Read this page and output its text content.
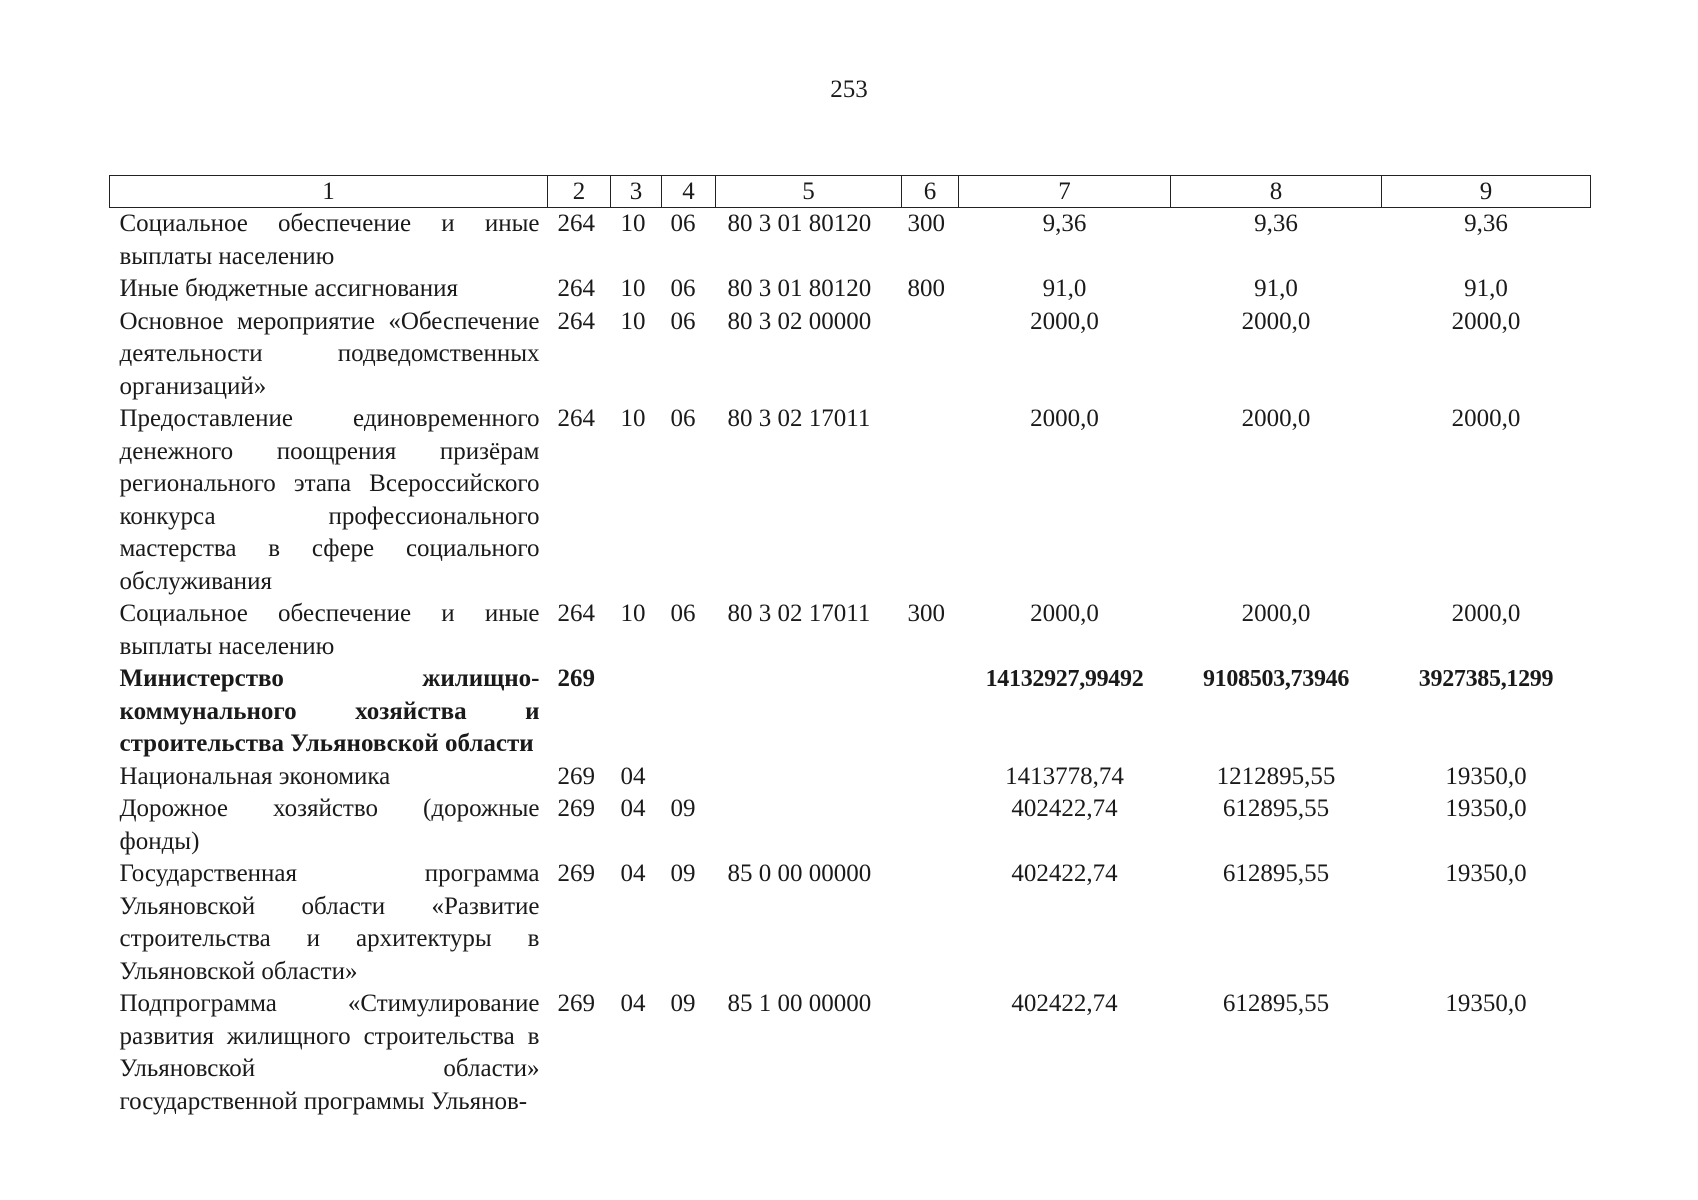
253
1	2	3	4	5	6	7	8	9
Социальное обеспечение и иные выплаты населению	264	10	06	80 3 01 80120	300	9,36	9,36	9,36
Иные бюджетные ассигнования	264	10	06	80 3 01 80120	800	91,0	91,0	91,0
Основное мероприятие «Обеспечение деятельности подведомственных организаций»	264	10	06	80 3 02 00000		2000,0	2000,0	2000,0
Предоставление единовременного денежного поощрения призёрам регионального этапа Всероссийского конкурса профессионального мастерства в сфере социального обслуживания	264	10	06	80 3 02 17011		2000,0	2000,0	2000,0
Социальное обеспечение и иные выплаты населению	264	10	06	80 3 02 17011	300	2000,0	2000,0	2000,0
Министерство жилищно-коммунального хозяйства и строительства Ульяновской области	269					14132927,99492	9108503,73946	3927385,1299
Национальная экономика	269	04				1413778,74	1212895,55	19350,0
Дорожное хозяйство (дорожные фонды)	269	04	09			402422,74	612895,55	19350,0
Государственная программа Ульяновской области «Развитие строительства и архитектуры в Ульяновской области»	269	04	09	85 0 00 00000		402422,74	612895,55	19350,0
Подпрограмма «Стимулирование развития жилищного строительства в Ульяновской области» государственной программы Ульянов-	269	04	09	85 1 00 00000		402422,74	612895,55	19350,0
